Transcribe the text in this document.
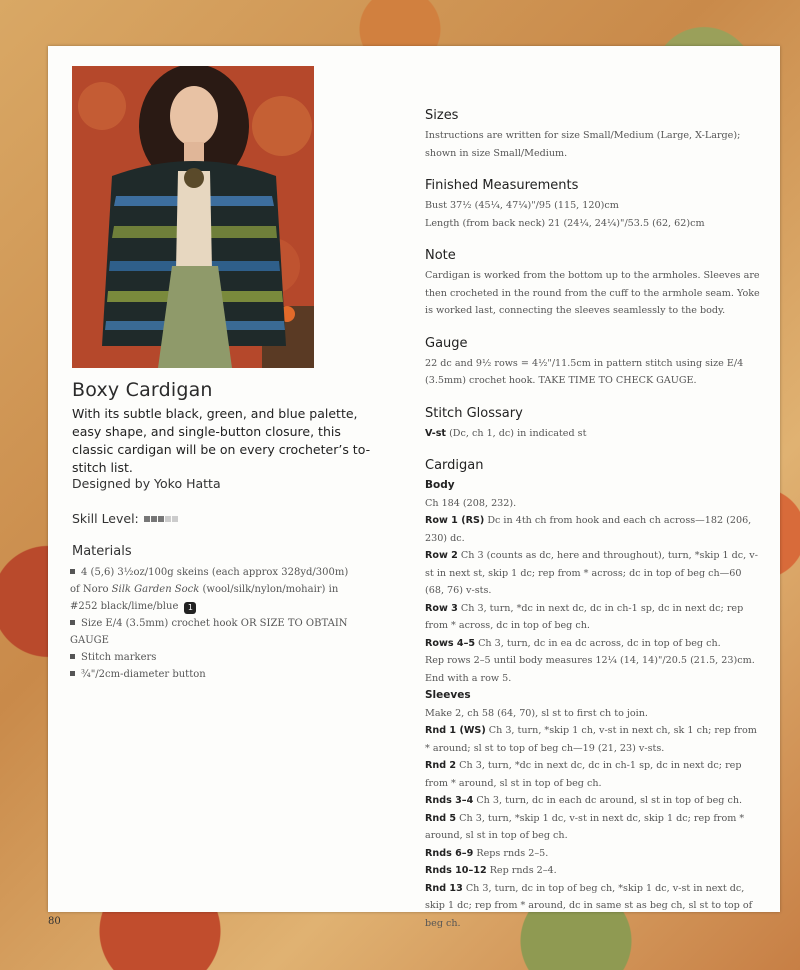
Boxy Cardigan
With its subtle black, green, and blue palette, easy shape, and single-button closure, this classic cardigan will be on every crocheter’s to-stitch list.
Designed by Yoko Hatta
Skill Level:
Materials

4 (5,6) 3½oz/100g skeins (each approx 328yd/300m) of Noro Silk Garden Sock (wool/silk/nylon/mohair) in #252 black/lime/blue 1

Size E/4 (3.5mm) crochet hook OR SIZE TO OBTAIN GAUGE

Stitch markers

¾"/2cm-diameter button

Sizes

Instructions are written for size Small/Medium (Large, X-Large); shown in size Small/Medium.

Finished Measurements

Bust 37½ (45¼, 47¼)"/95 (115, 120)cm

Length (from back neck) 21 (24¼, 24¼)"/53.5 (62, 62)cm

Note

Cardigan is worked from the bottom up to the armholes. Sleeves are then crocheted in the round from the cuff to the armhole seam. Yoke is worked last, connecting the sleeves seamlessly to the body.

Gauge

22 dc and 9½ rows = 4½"/11.5cm in pattern stitch using size E/4 (3.5mm) crochet hook. TAKE TIME TO CHECK GAUGE.

Stitch Glossary

V-st (Dc, ch 1, dc) in indicated st

Cardigan

Body

Ch 184 (208, 232).

Row 1 (RS) Dc in 4th ch from hook and each ch across—182 (206, 230) dc.

Row 2 Ch 3 (counts as dc, here and throughout), turn, *skip 1 dc, v-st in next st, skip 1 dc; rep from * across; dc in top of beg ch—60 (68, 76) v-sts.

Row 3 Ch 3, turn, *dc in next dc, dc in ch-1 sp, dc in next dc; rep from * across, dc in top of beg ch.

Rows 4–5 Ch 3, turn, dc in ea dc across, dc in top of beg ch.

Rep rows 2–5 until body measures 12¼ (14, 14)"/20.5 (21.5, 23)cm. End with a row 5.

Sleeves

Make 2, ch 58 (64, 70), sl st to first ch to join.

Rnd 1 (WS) Ch 3, turn, *skip 1 ch, v-st in next ch, sk 1 ch; rep from * around; sl st to top of beg ch—19 (21, 23) v-sts.

Rnd 2 Ch 3, turn, *dc in next dc, dc in ch-1 sp, dc in next dc; rep from * around, sl st in top of beg ch.

Rnds 3–4 Ch 3, turn, dc in each dc around, sl st in top of beg ch.

Rnd 5 Ch 3, turn, *skip 1 dc, v-st in next dc, skip 1 dc; rep from * around, sl st in top of beg ch.

Rnds 6–9 Reps rnds 2–5.

Rnds 10–12 Rep rnds 2–4.

Rnd 13 Ch 3, turn, dc in top of beg ch, *skip 1 dc, v-st in next dc, skip 1 dc; rep from * around, dc in same st as beg ch, sl st to top of beg ch.

80
